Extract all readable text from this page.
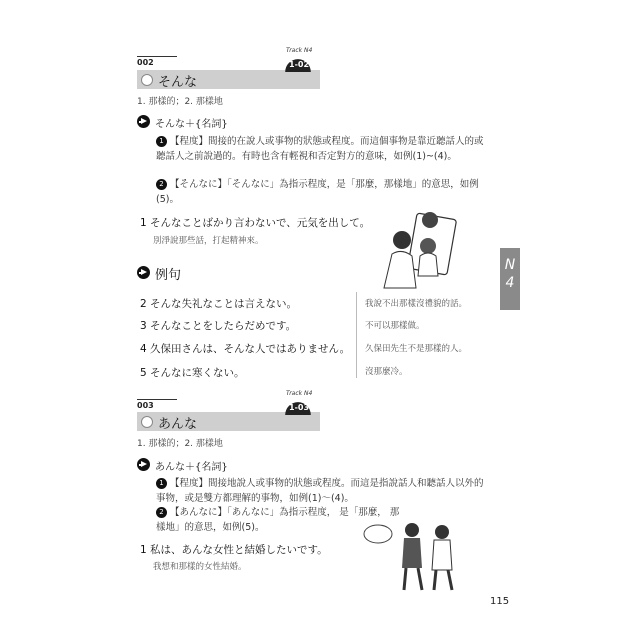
002
そんな
Track N4
1-02
1. 那樣的；2. 那樣地
そんな＋{名詞}
1 【程度】間接的在說人或事物的狀態或程度。而這個事物是靠近聽話人的或聽話人之前說過的。有時也含有輕視和否定對方的意味，如例(1)~(4)。
2 【そんなに】「そんなに」為指示程度，是「那麼，那樣地」的意思，如例(5)。
1 そんなことばかり言わないで、元気を出して。
別淨說那些話，打起精神來。
例句
N
4
2 そんな失礼なことは言えない。	我說不出那樣沒禮貌的話。
3 そんなことをしたらだめです。	不可以那樣做。
4 久保田さんは、そんな人ではありません。 久保田先生不是那樣的人。
5 そんなに寒くない。	沒那麼冷。
003
あんな
Track N4
1-03
1. 那樣的；2. 那樣地
あんな＋{名詞}
1 【程度】間接地說人或事物的狀態或程度。而這是指說話人和聽話人以外的事物，或是雙方都理解的事物，如例(1)～(4)。
2 【あんなに】「あんなに」為指示程度， 是「那麼， 那樣地」的意思，如例(5)。
1 私は、あんな女性と結婚したいです。
我想和那樣的女性結婚。
115
